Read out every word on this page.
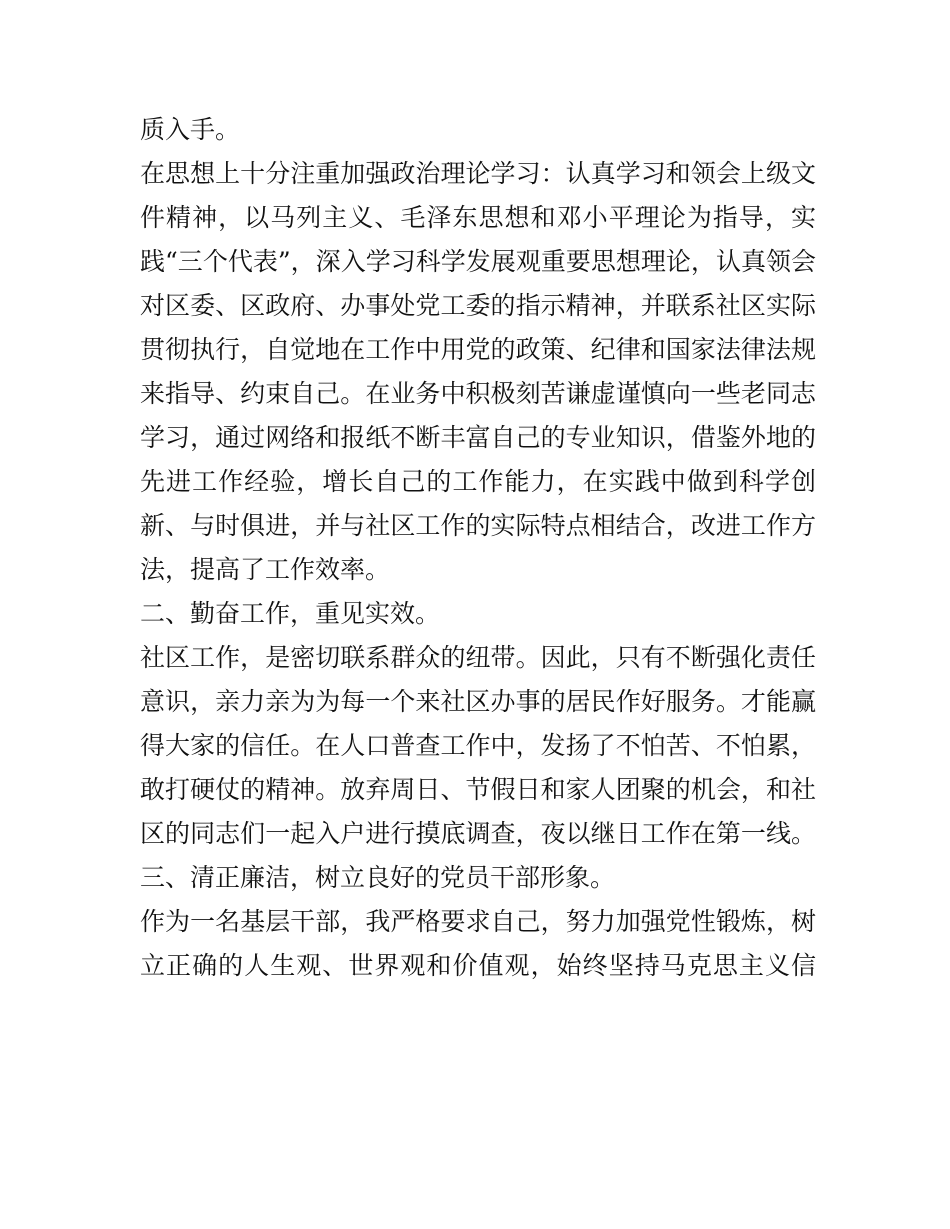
质入手。
在思想上十分注重加强政治理论学习：认真学习和领会上级文
件精神，以马列主义、毛泽东思想和邓小平理论为指导，实
践“三个代表”，深入学习科学发展观重要思想理论，认真领会
对区委、区政府、办事处党工委的指示精神，并联系社区实际
贯彻执行，自觉地在工作中用党的政策、纪律和国家法律法规
来指导、约束自己。在业务中积极刻苦谦虚谨慎向一些老同志
学习，通过网络和报纸不断丰富自己的专业知识，借鉴外地的
先进工作经验，增长自己的工作能力，在实践中做到科学创
新、与时俱进，并与社区工作的实际特点相结合，改进工作方
法，提高了工作效率。
二、勤奋工作，重见实效。
社区工作，是密切联系群众的纽带。因此，只有不断强化责任
意识，亲力亲为为每一个来社区办事的居民作好服务。才能赢
得大家的信任。在人口普查工作中，发扬了不怕苦、不怕累，
敢打硬仗的精神。放弃周日、节假日和家人团聚的机会，和社
区的同志们一起入户进行摸底调查，夜以继日工作在第一线。
三、清正廉洁，树立良好的党员干部形象。
作为一名基层干部，我严格要求自己，努力加强党性锻炼，树
立正确的人生观、世界观和价值观，始终坚持马克思主义信
